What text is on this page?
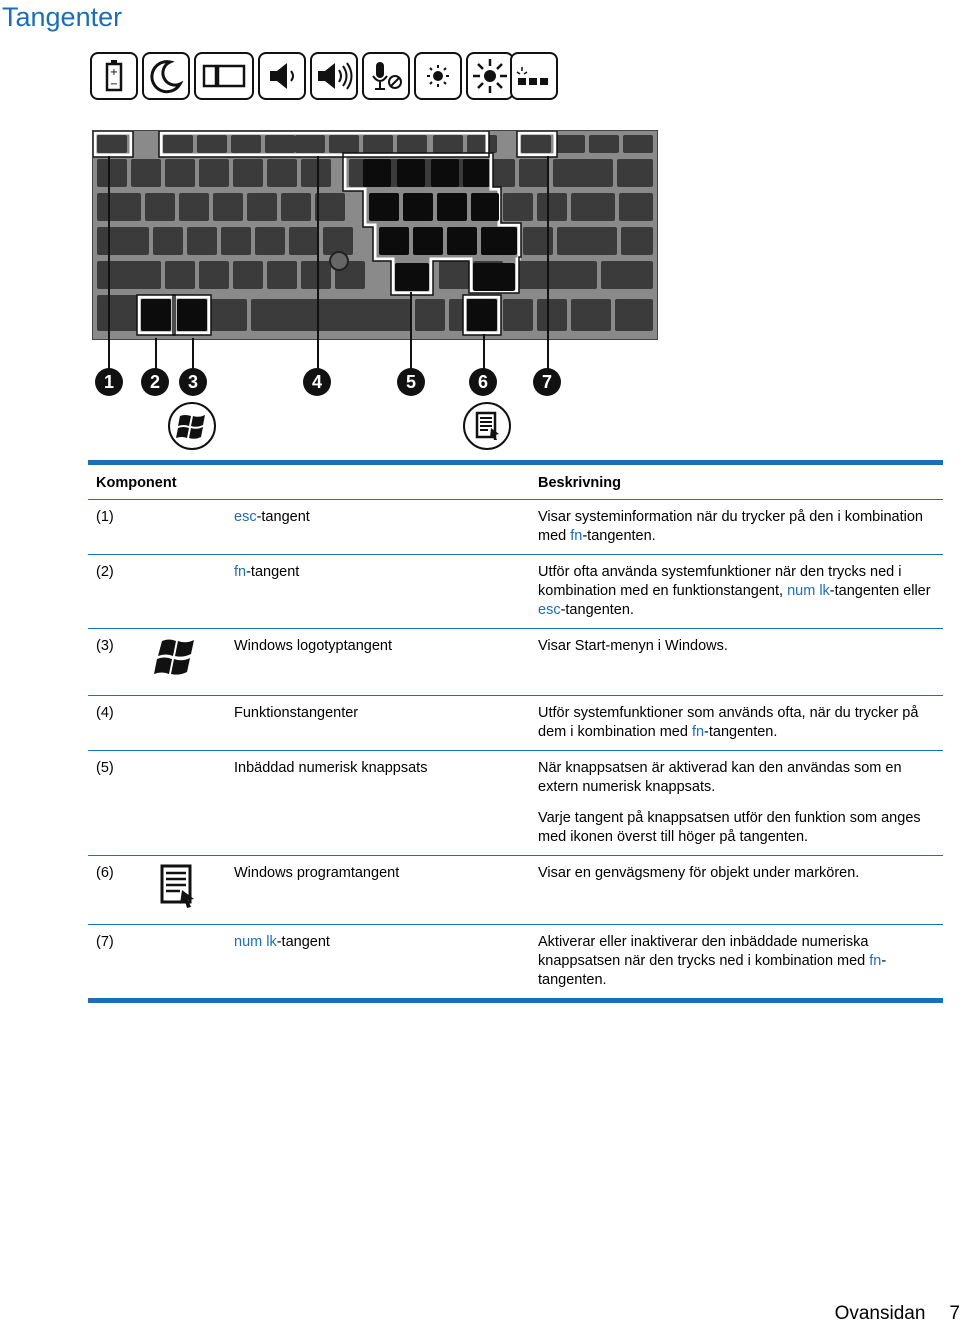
Tangenter
+
−
1	2	3	4	5	6	7

Komponent			Beskrivning
(1)		esc-tangent	Visar systeminformation när du trycker på den i kombination med fn-tangenten.
(2)		fn-tangent	Utför ofta använda systemfunktioner när den trycks ned i kombination med en funktionstangent, num lk-tangenten eller esc-tangenten.
(3)		Windows logotyptangent	Visar Start-menyn i Windows.
(4)		Funktionstangenter	Utför systemfunktioner som används ofta, när du trycker på dem i kombination med fn-tangenten.
(5)		Inbäddad numerisk knappsats	När knappsatsen är aktiverad kan den användas som en extern numerisk knappsats.
Varje tangent på knappsatsen utför den funktion som anges med ikonen överst till höger på tangenten.

(6)		Windows programtangent	Visar en genvägsmeny för objekt under markören.
(7)		num lk-tangent	Aktiverar eller inaktiverar den inbäddade numeriska knappsatsen när den trycks ned i kombination med fn-tangenten.

Ovansidan 7
